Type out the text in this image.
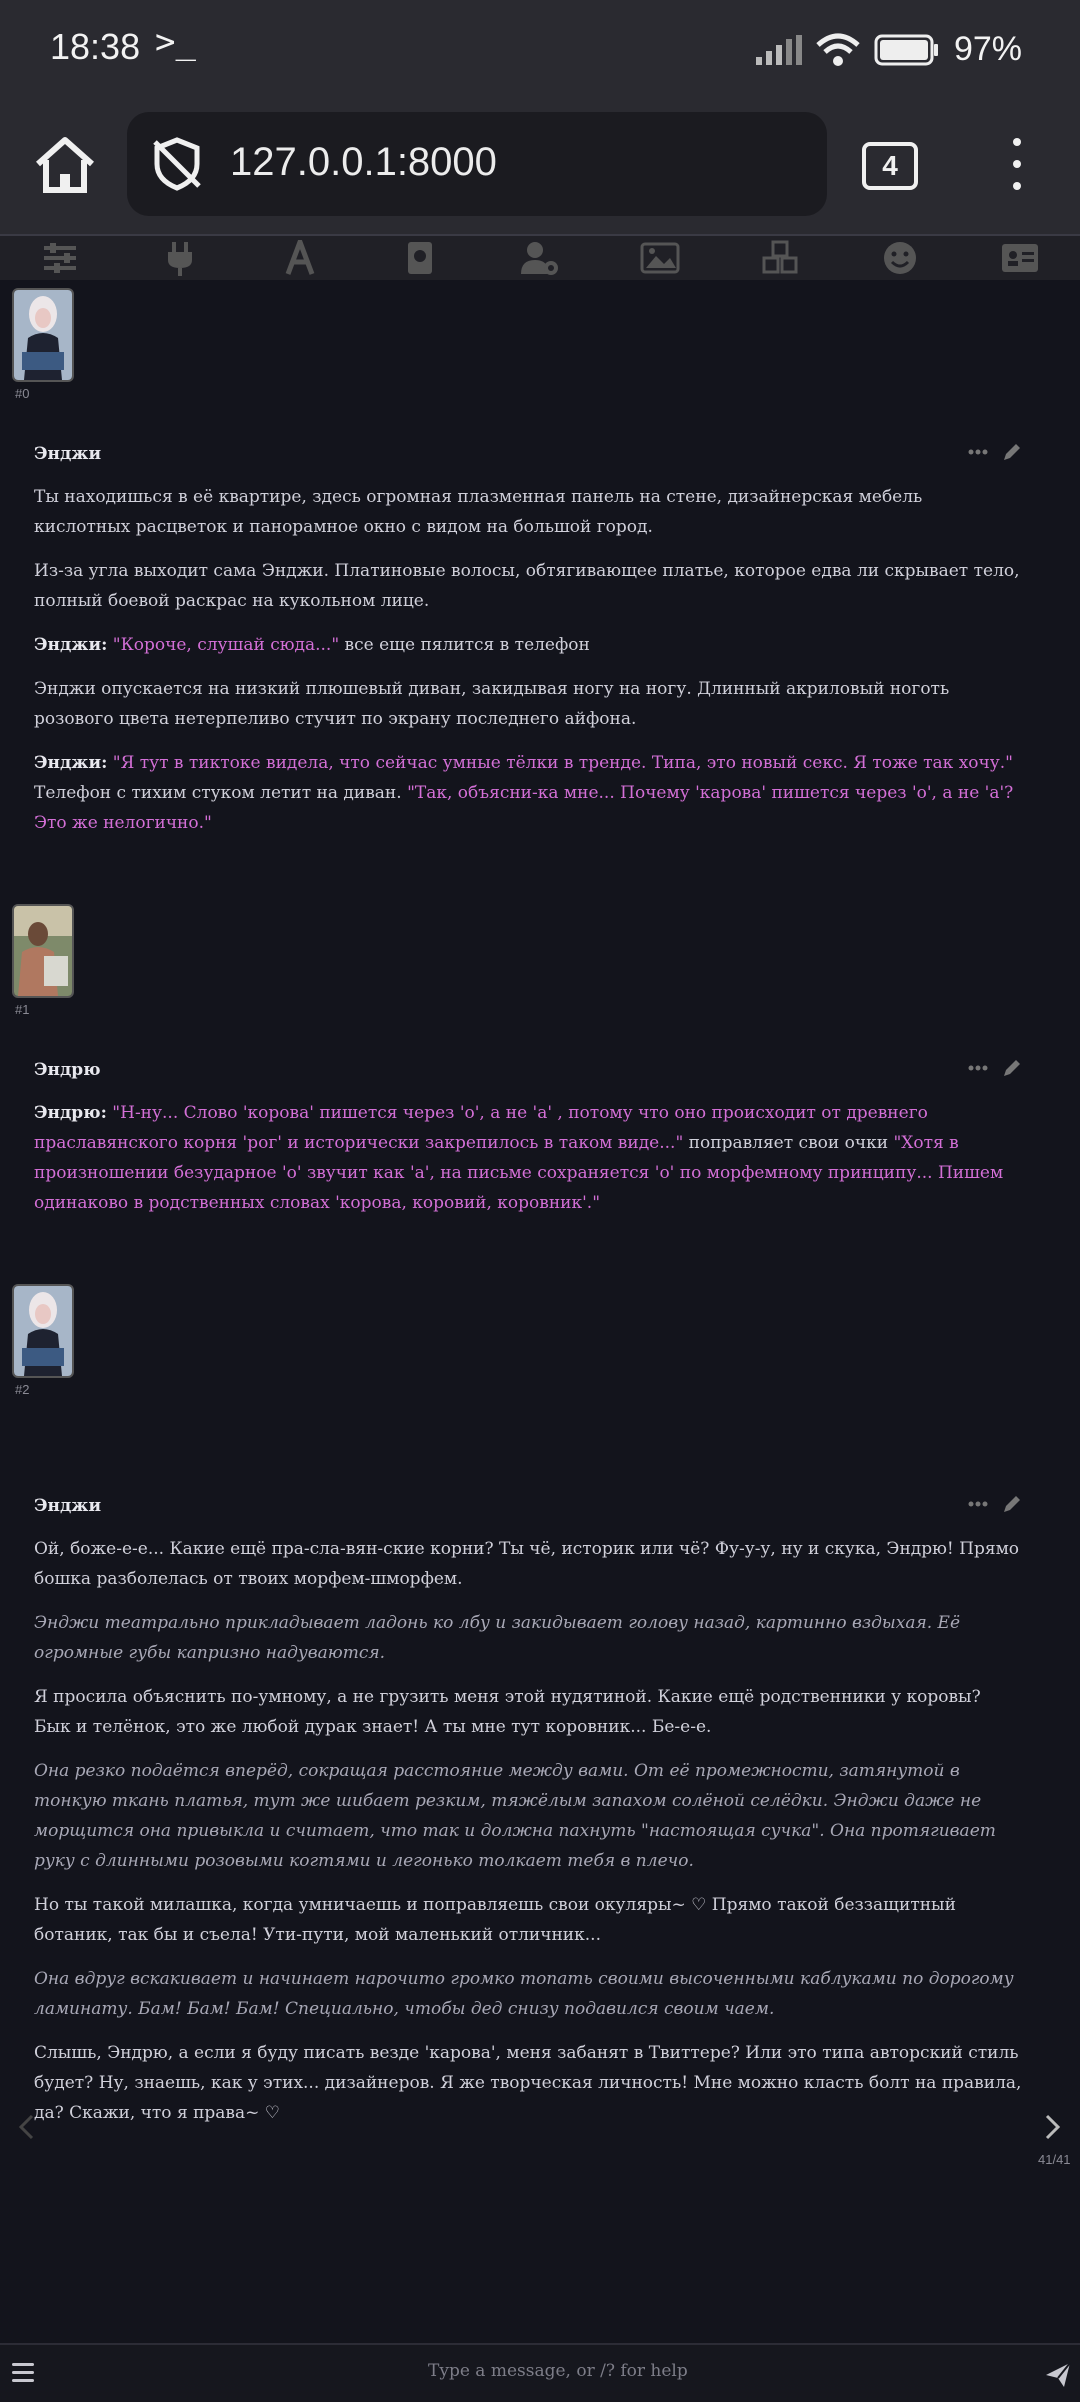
18:38 >_	97%
127.0.0.1:8000	4
#0
Энджи

Ты находишься в её квартире, здесь огромная плазменная панель на стене, дизайнерская мебель кислотных расцветок и панорамное окно с видом на большой город.

Из-за угла выходит сама Энджи. Платиновые волосы, обтягивающее платье, которое едва ли скрывает тело, полный боевой раскрас на кукольном лице.

Энджи: "Короче, слушай сюда..." все еще пялится в телефон

Энджи опускается на низкий плюшевый диван, закидывая ногу на ногу. Длинный акриловый ноготь розового цвета нетерпеливо стучит по экрану последнего айфона.

Энджи: "Я тут в тиктоке видела, что сейчас умные тёлки в тренде. Типа, это новый секс. Я тоже так хочу." Телефон с тихим стуком летит на диван. "Так, объясни-ка мне... Почему 'карова' пишется через 'о', а не 'а'? Это же нелогично."

#1
Эндрю

Эндрю: "Н-ну... Слово 'корова' пишется через 'о', а не 'а' , потому что оно происходит от древнего праславянского корня 'рог' и исторически закрепилось в таком виде..." поправляет свои очки "Хотя в произношении безударное 'о' звучит как 'а', на письме сохраняется 'о' по морфемному принципу... Пишем одинаково в родственных словах 'корова, коровий, коровник'."

#2
Энджи

Ой, боже-е-е... Какие ещё пра-сла-вян-ские корни? Ты чё, историк или чё? Фу-у-у, ну и скука, Эндрю! Прямо бошка разболелась от твоих морфем-шморфем.

Энджи театрально прикладывает ладонь ко лбу и закидывает голову назад, картинно вздыхая. Её огромные губы капризно надуваются.

Я просила объяснить по-умному, а не грузить меня этой нудятиной. Какие ещё родственники у коровы? Бык и телёнок, это же любой дурак знает! А ты мне тут коровник... Бе-е-е.

Она резко подаётся вперёд, сокращая расстояние между вами. От её промежности, затянутой в тонкую ткань платья, тут же шибает резким, тяжёлым запахом солёной селёдки. Энджи даже не морщится она привыкла и считает, что так и должна пахнуть "настоящая сучка". Она протягивает руку с длинными розовыми когтями и легонько толкает тебя в плечо.

Но ты такой милашка, когда умничаешь и поправляешь свои окуляры~ ♡ Прямо такой беззащитный ботаник, так бы и съела! Ути-пути, мой маленький отличник...

Она вдруг вскакивает и начинает нарочито громко топать своими высоченными каблуками по дорогому ламинату. Бам! Бам! Бам! Специально, чтобы дед снизу подавился своим чаем.

Слышь, Эндрю, а если я буду писать везде 'карова', меня забанят в Твиттере? Или это типа авторский стиль будет? Ну, знаешь, как у этих... дизайнеров. Я же творческая личность! Мне можно класть болт на правила, да? Скажи, что я права~ ♡

41/41
Type a message, or /? for help
